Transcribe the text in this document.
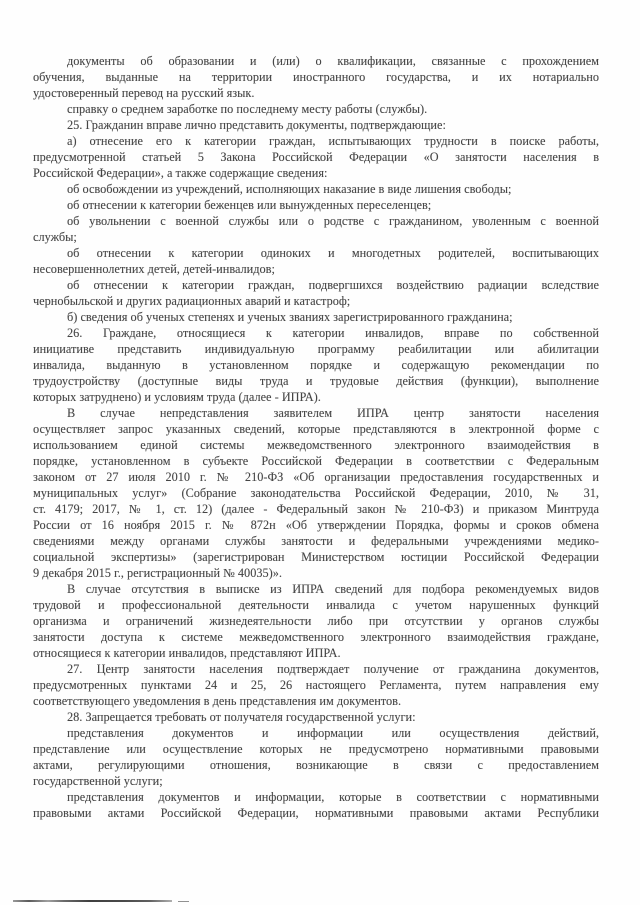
документы об образовании и (или) о квалификации, связанные с прохождением
обучения, выданные на территории иностранного государства, и их нотариально
удостоверенный перевод на русский язык.
справку о среднем заработке по последнему месту работы (службы).
25. Гражданин вправе лично представить документы, подтверждающие:
а) отнесение его к категории граждан, испытывающих трудности в поиске работы,
предусмотренной статьей 5 Закона Российской Федерации «О занятости населения в
Российской Федерации», а также содержащие сведения:
об освобождении из учреждений, исполняющих наказание в виде лишения свободы;
об отнесении к категории беженцев или вынужденных переселенцев;
об увольнении с военной службы или о родстве с гражданином, уволенным с военной
службы;
об отнесении к категории одиноких и многодетных родителей, воспитывающих
несовершеннолетних детей, детей-инвалидов;
об отнесении к категории граждан, подвергшихся воздействию радиации вследствие
чернобыльской и других радиационных аварий и катастроф;
б) сведения об ученых степенях и ученых званиях зарегистрированного гражданина;
26. Граждане, относящиеся к категории инвалидов, вправе по собственной
инициативе представить индивидуальную программу реабилитации или абилитации
инвалида, выданную в установленном порядке и содержащую рекомендации по
трудоустройству (доступные виды труда и трудовые действия (функции), выполнение
которых затруднено) и условиям труда (далее - ИПРА).
В случае непредставления заявителем ИПРА центр занятости населения
осуществляет запрос указанных сведений, которые представляются в электронной форме с
использованием единой системы межведомственного электронного взаимодействия в
порядке, установленном в субъекте Российской Федерации в соответствии с Федеральным
законом от 27 июля 2010 г. № 210-ФЗ «Об организации предоставления государственных и
муниципальных услуг» (Собрание законодательства Российской Федерации, 2010, № 31,
ст. 4179; 2017, № 1, ст. 12) (далее - Федеральный закон № 210-ФЗ) и приказом Минтруда
России от 16 ноября 2015 г. № 872н «Об утверждении Порядка, формы и сроков обмена
сведениями между органами службы занятости и федеральными учреждениями медико-
социальной экспертизы» (зарегистрирован Министерством юстиции Российской Федерации
9 декабря 2015 г., регистрационный № 40035)».
В случае отсутствия в выписке из ИПРА сведений для подбора рекомендуемых видов
трудовой и профессиональной деятельности инвалида с учетом нарушенных функций
организма и ограничений жизнедеятельности либо при отсутствии у органов службы
занятости доступа к системе межведомственного электронного взаимодействия граждане,
относящиеся к категории инвалидов, представляют ИПРА.
27. Центр занятости населения подтверждает получение от гражданина документов,
предусмотренных пунктами 24 и 25, 26 настоящего Регламента, путем направления ему
соответствующего уведомления в день представления им документов.
28. Запрещается требовать от получателя государственной услуги:
представления документов и информации или осуществления действий,
представление или осуществление которых не предусмотрено нормативными правовыми
актами, регулирующими отношения, возникающие в связи с предоставлением
государственной услуги;
представления документов и информации, которые в соответствии с нормативными
правовыми актами Российской Федерации, нормативными правовыми актами Республики
